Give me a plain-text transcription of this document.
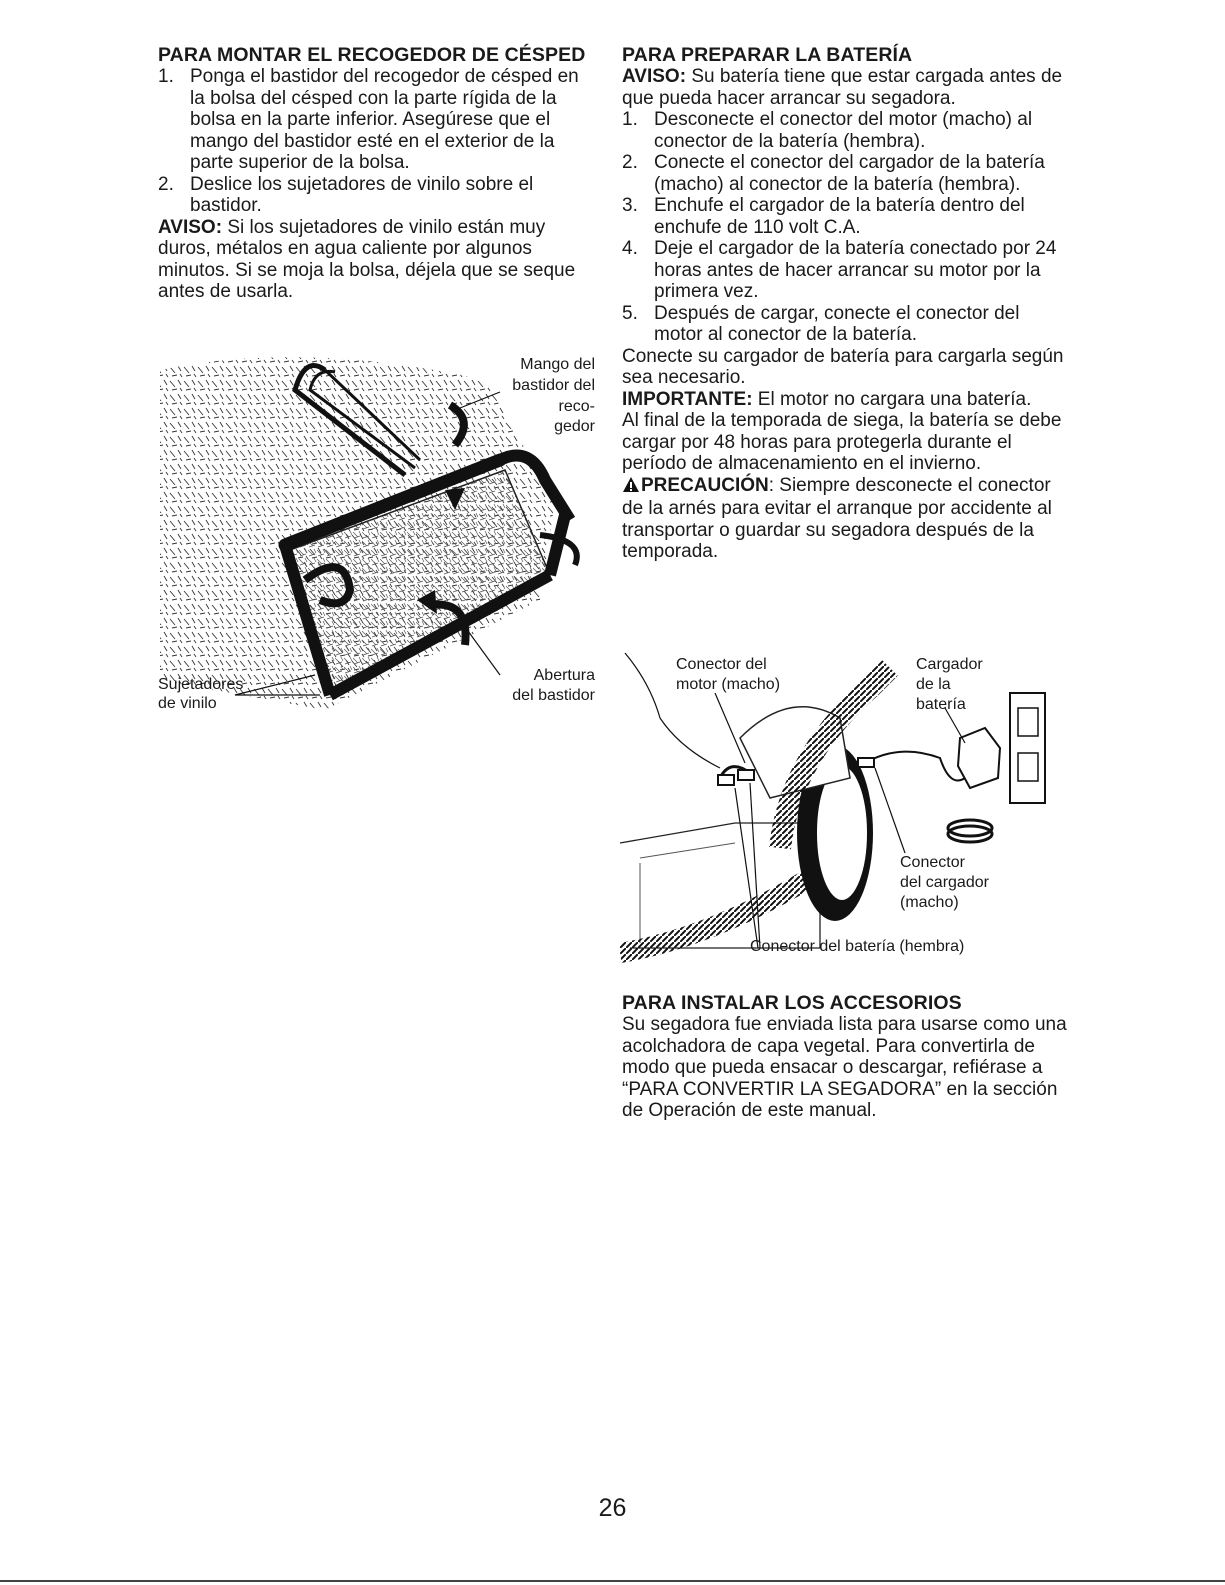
PARA MONTAR EL RECOGEDOR DE CÉSPED
1. Ponga el bastidor del recogedor de césped en la bolsa del césped con la parte rígida de la bolsa en la parte inferior. Asegúrese que el mango del bastidor esté en el exterior de la parte superior de la bolsa.
2. Deslice los sujetadores de vinilo sobre el bastidor.

AVISO: Si los sujetadores de vinilo están muy duros, métalos en agua caliente por algunos minutos. Si se moja la bolsa, déjela que se seque antes de usarla.

Mango del
bastidor del
reco-
gedor
Sujetadores
de vinilo
Abertura
del bastidor
PARA PREPARAR LA BATERÍA

AVISO: Su batería tiene que estar cargada antes de que pueda hacer arrancar su segadora.

1. Desconecte el conector del motor (macho) al conector de la batería (hembra).
2. Conecte el conector del cargador de la batería (macho) al conector de la batería (hembra).
3. Enchufe el cargador de la batería dentro del enchufe de 110 volt C.A.
4. Deje el cargador de la batería conectado por 24 horas antes de hacer arrancar su motor por la primera vez.
5. Después de cargar, conecte el conector del motor al conector de la batería.

Conecte su cargador de batería para cargarla según sea necesario.

IMPORTANTE: El motor no cargara una batería.

Al final de la temporada de siega, la batería se debe cargar por 48 horas para protegerla durante el período de almacenamiento en el invierno.

PRECAUCIÓN: Siempre desconecte el conector de la arnés para evitar el arranque por accidente al transportar o guardar su segadora después de la temporada.

Conector del
motor (macho)
Cargador
de la
batería
Conector
del cargador
(macho)
Conector del batería (hembra)
PARA INSTALAR LOS ACCESORIOS

Su segadora fue enviada lista para usarse como una acolchadora de capa vegetal. Para convertirla de modo que pueda ensacar o descargar, refiérase a “PARA CONVERTIR LA SEGADORA” en la sección de Operación de este manual.

26
